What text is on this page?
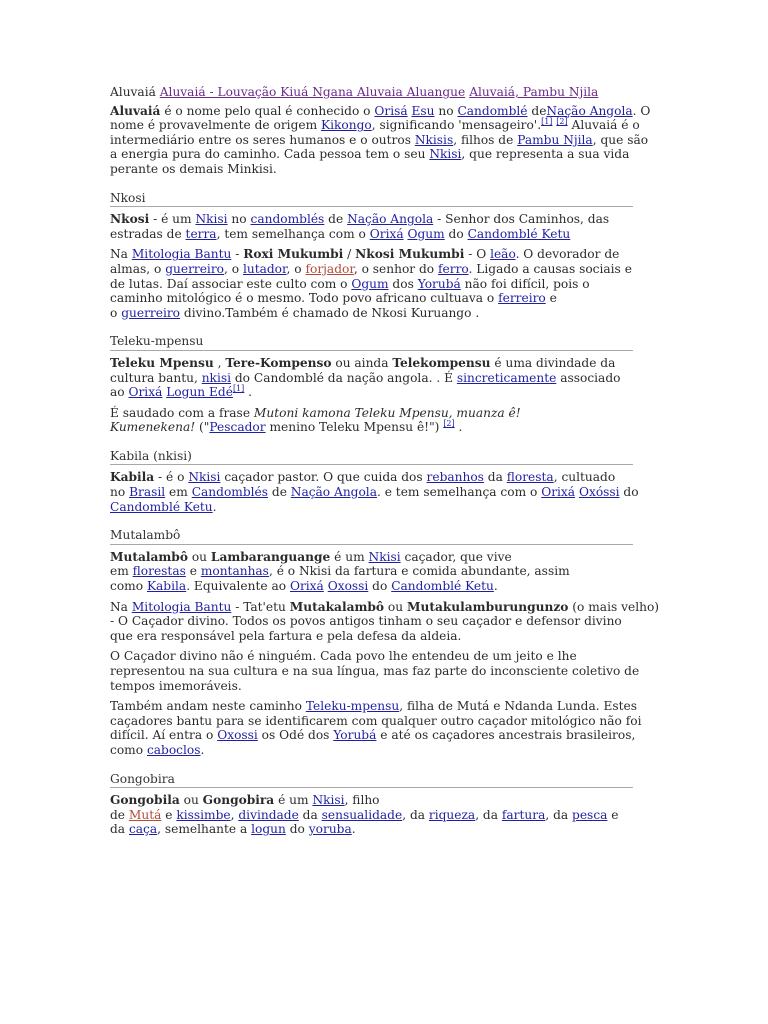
Aluvaiá Aluvaiá - Louvação Kiuá Ngana Aluvaia Aluangue Aluvaiá, Pambu Njila

Aluvaiá é o nome pelo qual é conhecido o Orisá Esu no Candomblé deNação Angola. O
nome é provavelmente de origem Kikongo, significando 'mensageiro'.[1] [2] Aluvaiá é o
intermediário entre os seres humanos e o outros Nkisis, filhos de Pambu Njila, que são
a energia pura do caminho. Cada pessoa tem o seu Nkisi, que representa a sua vida
perante os demais Minkisi.

Nkosi

Nkosi - é um Nkisi no candomblés de Nação Angola - Senhor dos Caminhos, das
estradas de terra, tem semelhança com o Orixá Ogum do Candomblé Ketu

Na Mitologia Bantu - Roxi Mukumbi / Nkosi Mukumbi - O leão. O devorador de
almas, o guerreiro, o lutador, o forjador, o senhor do ferro. Ligado a causas sociais e
de lutas. Daí associar este culto com o Ogum dos Yorubá não foi difícil, pois o
caminho mitológico é o mesmo. Todo povo africano cultuava o ferreiro e
o guerreiro divino.Também é chamado de Nkosi Kuruango .

Teleku-mpensu

Teleku Mpensu , Tere-Kompenso ou ainda Telekompensu é uma divindade da
cultura bantu, nkisi do Candomblé da nação angola. . É sincreticamente associado
ao Orixá Logun Edé[1] .

É saudado com a frase Mutoni kamona Teleku Mpensu, muanza ê!
Kumenekena! ("Pescador menino Teleku Mpensu ê!") [2] .

Kabila (nkisi)

Kabila - é o Nkisi caçador pastor. O que cuida dos rebanhos da floresta, cultuado
no Brasil em Candomblés de Nação Angola. e tem semelhança com o Orixá Oxóssi do
Candomblé Ketu.

Mutalambô

Mutalambô ou Lambaranguange é um Nkisi caçador, que vive
em florestas e montanhas, é o Nkisi da fartura e comida abundante, assim
como Kabila. Equivalente ao Orixá Oxossi do Candomblé Ketu.

Na Mitologia Bantu - Tat'etu Mutakalambô ou Mutakulamburungunzo (o mais velho)
- O Caçador divino. Todos os povos antigos tinham o seu caçador e defensor divino
que era responsável pela fartura e pela defesa da aldeia.

O Caçador divino não é ninguém. Cada povo lhe entendeu de um jeito e lhe
representou na sua cultura e na sua língua, mas faz parte do inconsciente coletivo de
tempos imemoráveis.

Também andam neste caminho Teleku-mpensu, filha de Mutá e Ndanda Lunda. Estes
caçadores bantu para se identificarem com qualquer outro caçador mitológico não foi
difícil. Aí entra o Oxossi os Odé dos Yorubá e até os caçadores ancestrais brasileiros,
como caboclos.

Gongobira

Gongobila ou Gongobira é um Nkisi, filho
de Mutá e kissimbe, divindade da sensualidade, da riqueza, da fartura, da pesca e
da caça, semelhante a logun do yoruba.
